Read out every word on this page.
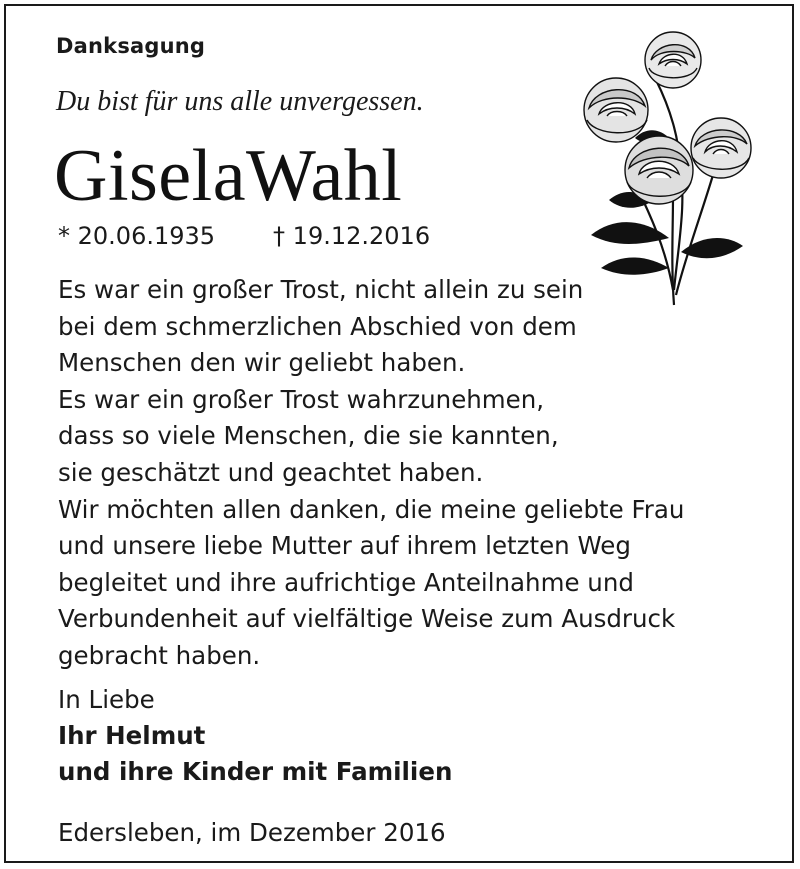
Danksagung

Du bist für uns alle unvergessen.

GiselaWahl
* 20.06.1935 † 19.12.2016
Es war ein großer Trost, nicht allein zu sein
bei dem schmerzlichen Abschied von dem
Menschen den wir geliebt haben.
Es war ein großer Trost wahrzunehmen,
dass so viele Menschen, die sie kannten,
sie geschätzt und geachtet haben.
Wir möchten allen danken, die meine geliebte Frau
und unsere liebe Mutter auf ihrem letzten Weg
begleitet und ihre aufrichtige Anteilnahme und
Verbundenheit auf vielfältige Weise zum Ausdruck
gebracht haben.
In Liebe
Ihr Helmut
und ihre Kinder mit Familien

Edersleben, im Dezember 2016
